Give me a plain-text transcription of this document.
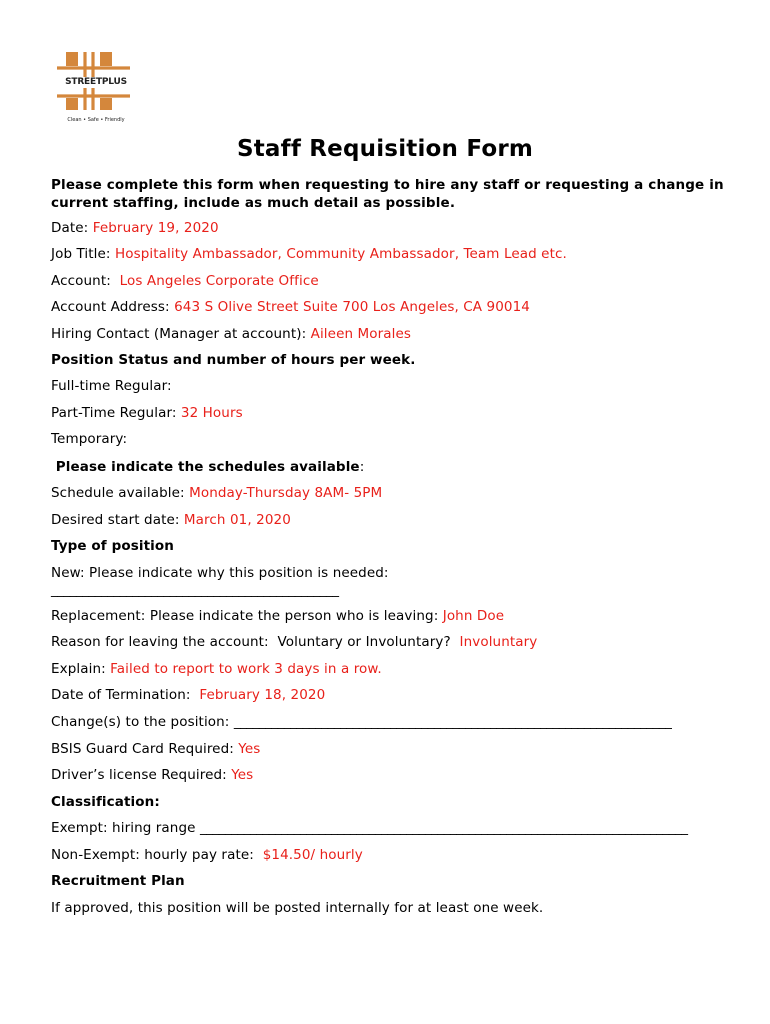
STREETPLUS
Clean • Safe • Friendly
Staff Requisition Form
Please complete this form when requesting to hire any staff or requesting a change in current staffing, include as much detail as possible.
Date: February 19, 2020
Job Title: Hospitality Ambassador, Community Ambassador, Team Lead etc.
Account:  Los Angeles Corporate Office
Account Address: 643 S Olive Street Suite 700 Los Angeles, CA 90014
Hiring Contact (Manager at account): Aileen Morales
Position Status and number of hours per week.
Full-time Regular:
Part-Time Regular: 32 Hours
Temporary:
Please indicate the schedules available:
Schedule available: Monday-Thursday 8AM- 5PM
Desired start date: March 01, 2020
Type of position
New: Please indicate why this position is needed:
______________________________________________
Replacement: Please indicate the person who is leaving: John Doe
Reason for leaving the account:  Voluntary or Involuntary?  Involuntary
Explain: Failed to report to work 3 days in a row.
Date of Termination:  February 18, 2020
Change(s) to the position: ______________________________________________________________________
BSIS Guard Card Required: Yes
Driver’s license Required: Yes
Classification:
Exempt: hiring range ______________________________________________________________________________
Non-Exempt: hourly pay rate:  $14.50/ hourly
Recruitment Plan
If approved, this position will be posted internally for at least one week.
